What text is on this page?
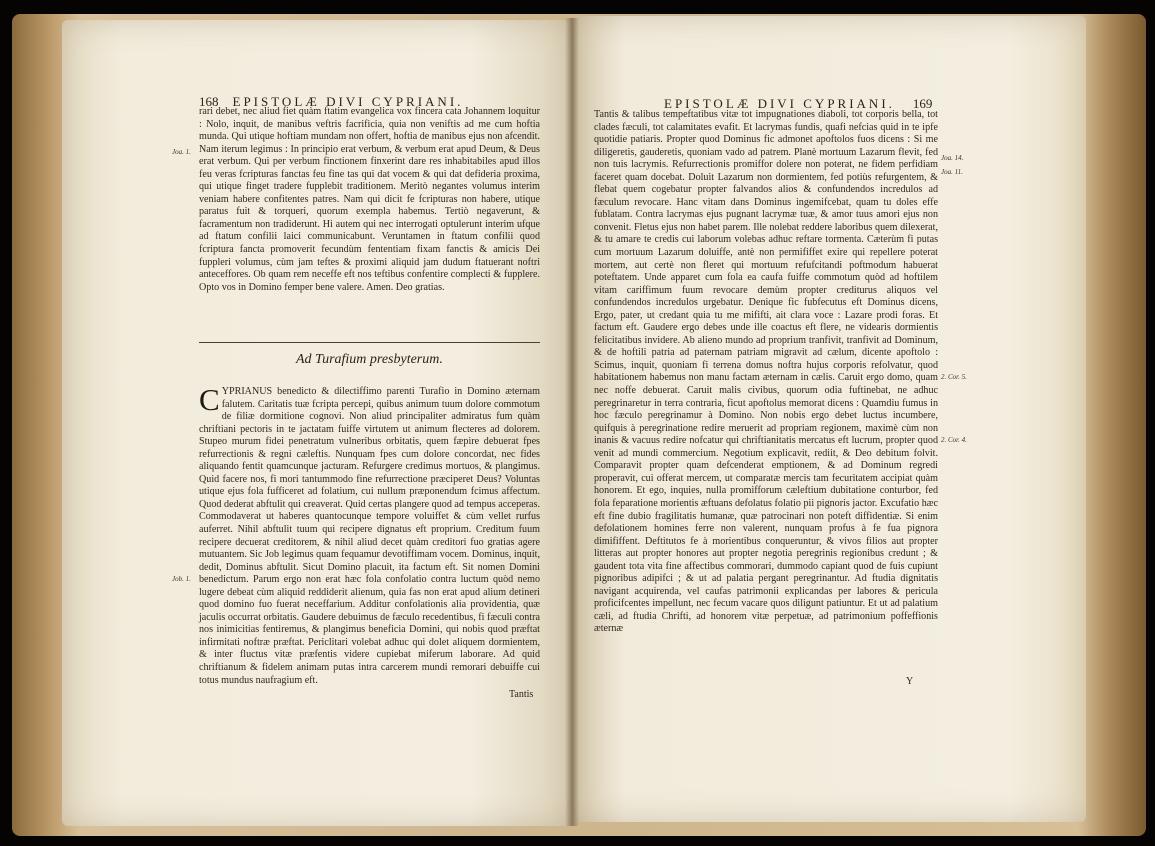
168 EPISTOLÆ DIVI CYPRIANI.
Joa. 1.

rari debet, nec aliud fiet quàm ftatim evangelica vox fincera cata Johannem loquitur : Nolo, inquit, de manibus veftris facrificia, quia non veniftis ad me cum hoftia munda. Qui utique hoftiam mundam non offert, hoftia de manibus ejus non afcendit. Nam iterum legimus : In principio erat verbum, & verbum erat apud Deum, & Deus erat verbum. Qui per verbum finctionem finxerint dare res inhabitabiles apud illos feu veras fcripturas fanctas feu fine tas qui dat vocem & qui dat defideria proxima, qui utique finget tradere fupplebit traditionem. Meritò negantes volumus interim veniam habere confitentes patres. Nam qui dicit fe fcripturas non habere, utique paratus fuit & torqueri, quorum exempla habemus. Tertiò negaverunt, & facramentum non tradiderunt. Hi autem qui nec interrogati optulerunt interim ufque ad ftatum confilii laici communicabunt. Veruntamen in ftatum confilii quod fcriptura fancta promoverit fecundùm fententiam fixam fanctis & amicis Dei fuppleri volumus, cùm jam teftes & proximi aliquid jam dudum ftatuerant noftri anteceffores. Ob quam rem neceffe eft nos teftibus confentire complecti & fupplere. Opto vos in Domino femper bene valere. Amen. Deo gratias.

Ad Turafium presbyterum.
C YPRIANUS benedicto & dilectiffimo parenti Turafio in Domino æternam falutem. Caritatis tuæ fcripta percepi, quibus animum tuum dolore commotum de filiæ dormitione cognovi. Non aliud principaliter admiratus fum quàm chriftiani pectoris in te jactatam fuiffe virtutem ut animum flecteres ad dolorem. Stupeo murum fidei penetratum vulneribus orbitatis, quem fæpire debuerat fpes refurrectionis & regni cæleftis. Nunquam fpes cum dolore concordat, nec fides aliquando fentit quamcunque jacturam. Refurgere credimus mortuos, & plangimus. Quid facere nos, fi mori tantummodo fine refurrectione præciperet Deus? Voluntas utique ejus fola fufficeret ad folatium, cui nullum præponendum fcimus affectum. Quod dederat abftulit qui creaverat. Quid certas plangere quod ad tempus acceperas. Commodaverat ut haberes quantocunque tempore voluiffet & cùm vellet rurfus auferret. Nihil abftulit tuum qui recipere dignatus eft proprium. Creditum fuum recipere decuerat creditorem, & nihil aliud decet quàm creditori fuo gratias agere mutuantem. Sic Job legimus quam fequamur devotiffimam vocem. Dominus, inquit, dedit, Dominus abftulit. Sicut Domino placuit, ita factum eft. Sit nomen Domini benedictum. Parum ergo non erat hæc fola confolatio contra luctum quòd nemo lugere debeat cùm aliquid reddiderit alienum, quia fas non erat apud alium detineri quod domino fuo fuerat neceffarium. Additur confolationis alia providentia, quæ jaculis occurrat orbitatis. Gaudere debuimus de fæculo recedentibus, fi fæculi contra nos inimicitias fentiremus, & plangimus beneficia Domini, qui nobis quod præftat infirmitati noftræ præftat. Periclitari volebat adhuc qui dolet aliquem dormientem, & inter fluctus vitæ præfentis videre cupiebat miferum laborare. Ad quid chriftianum & fidelem animam putas intra carcerem mundi remorari debuiffe cui totus mundus naufragium eft.

Job. 1.
Tantis
EPISTOLÆ DIVI CYPRIANI. 169

Tantis & talibus tempeftatibus vitæ tot impugnationes diaboli, tot corporis bella, tot clades fæculi, tot calamitates evafit. Et lacrymas fundis, quafi nefcias quid in te ipfe quotidie patiaris. Propter quod Dominus fic admonet apoftolos fuos dicens : Si me diligeretis, gauderetis, quoniam vado ad patrem. Planè mortuum Lazarum flevit, fed non tuis lacrymis. Refurrectionis promiffor dolere non poterat, ne fidem perfidiam faceret quam docebat. Doluit Lazarum non dormientem, fed potiùs refurgentem, & flebat quem cogebatur propter falvandos alios & confundendos incredulos ad fæculum revocare. Hanc vitam dans Dominus ingemifcebat, quam tu doles effe fublatam. Contra lacrymas ejus pugnant lacrymæ tuæ, & amor tuus amori ejus non convenit. Fletus ejus non habet parem. Ille nolebat reddere laboribus quem dilexerat, & tu amare te credis cui laborum volebas adhuc reftare tormenta. Cæterùm fi putas cum mortuum Lazarum doluiffe, antè non permififfet exire qui repellere poterat mortem, aut certè non fleret qui mortuum refufcitandi poftmodum habuerat poteftatem. Unde apparet cum fola ea caufa fuiffe commotum quòd ad hoftilem vitam cariffimum fuum revocare demùm propter crediturus aliquos vel confundendos incredulos urgebatur. Denique fic fubfecutus eft Dominus dicens, Ergo, pater, ut credant quia tu me mififti, ait clara voce : Lazare prodi foras. Et factum eft. Gaudere ergo debes unde ille coactus eft flere, ne videaris dormientis felicitatibus invidere. Ab alieno mundo ad proprium tranfivit, tranfivit ad Dominum, & de hoftili patria ad paternam patriam migravit ad cælum, dicente apoftolo : Scimus, inquit, quoniam fi terrena domus noftra hujus corporis refolvatur, quod habitationem habemus non manu factam æternam in cælis. Caruit ergo domo, quam nec noffe debuerat. Caruit malis civibus, quorum odia fuftinebat, ne adhuc peregrinaretur in terra contraria, ficut apoftolus memorat dicens : Quamdiu fumus in hoc fæculo peregrinamur à Domino. Non nobis ergo debet luctus incumbere, quifquis à peregrinatione redire meruerit ad propriam regionem, maximè cùm non inanis & vacuus redire nofcatur qui chriftianitatis mercatus eft lucrum, propter quod venit ad mundi commercium. Negotium explicavit, rediit, & Deo debitum folvit. Comparavit propter quam defcenderat emptionem, & ad Dominum regredi properavit, cui offerat mercem, ut comparatæ mercis tam fecuritatem accipiat quàm honorem. Et ego, inquies, nulla promifforum cæleftium dubitatione conturbor, fed fola feparatione morientis æftuans defolatus folatio pii pignoris jactor. Excufatio hæc eft fine dubio fragilitatis humanæ, quæ patrocinari non poteft diffidentiæ. Si enim defolationem homines ferre non valerent, nunquam profus à fe fua pignora dimififfent. Deftitutos fe à morientibus conqueruntur, & vivos filios aut propter litteras aut propter honores aut propter negotia peregrinis regionibus credunt ; & gaudent tota vita fine affectibus commorari, dummodo capiant quod de fuis cupiunt pignoribus adipifci ; & ut ad palatia pergant peregrinantur. Ad ftudia dignitatis navigant acquirenda, vel caufas patrimonii explicandas per labores & pericula proficifcentes impellunt, nec fecum vacare quos diligunt patiuntur. Et ut ad palatium cæli, ad ftudia Chrifti, ad honorem vitæ perpetuæ, ad patrimonium poffeffionis æternæ

Joa. 14.
Joa. 11.
2. Cor. 5.
2. Cor. 4.
Y
